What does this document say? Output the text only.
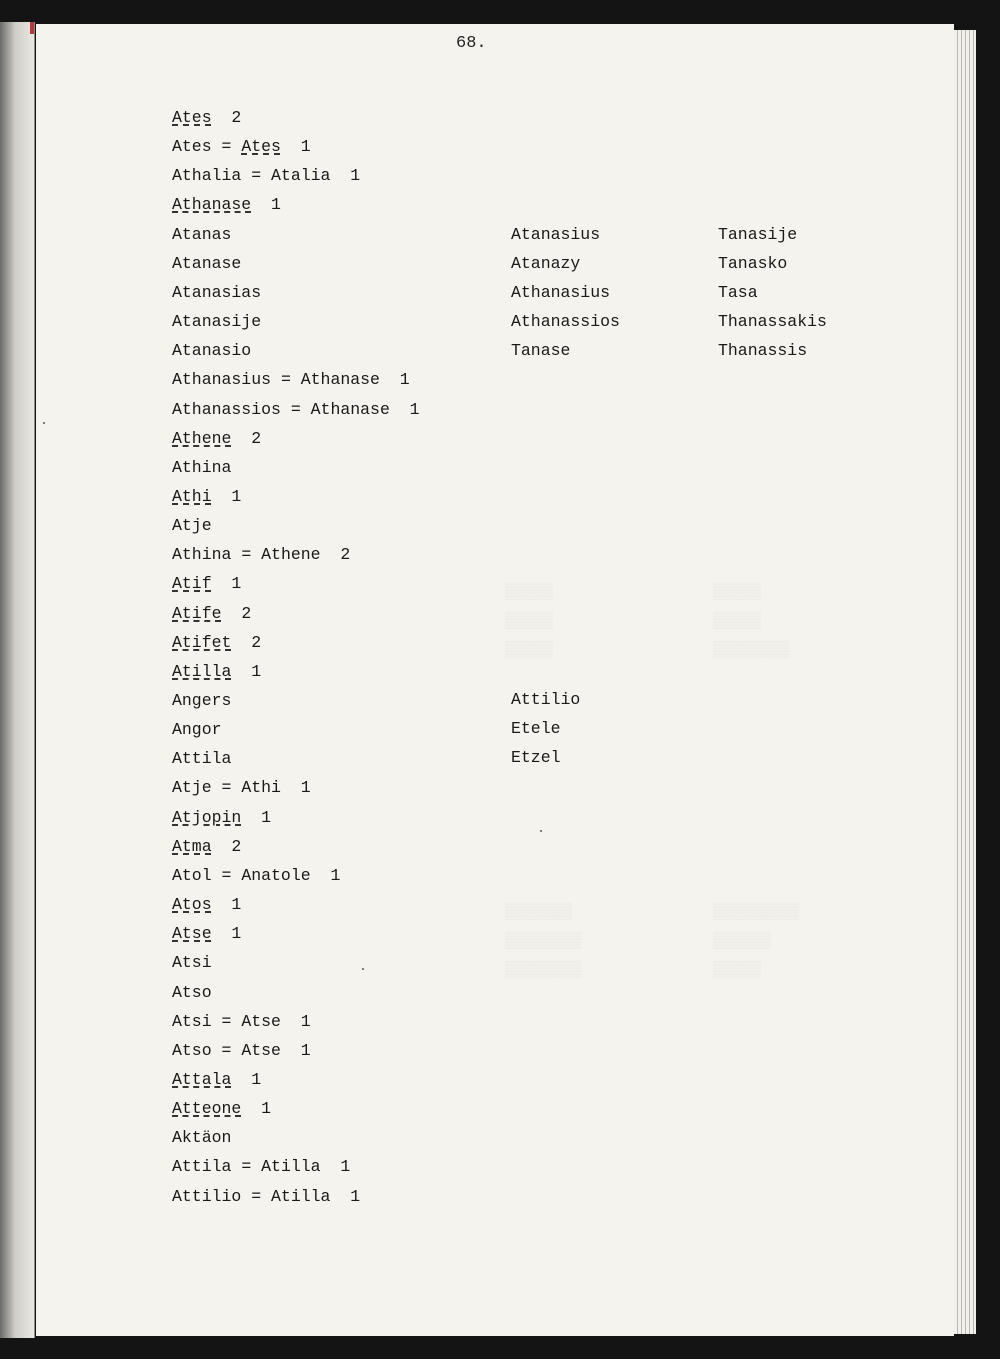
▒▒▒▒▒
▒▒▒▒▒
▒▒▒▒▒
▒▒▒▒▒
▒▒▒▒▒
▒▒▒▒▒▒▒▒
▒▒▒▒▒▒▒
▒▒▒▒▒▒▒▒
▒▒▒▒▒▒▒▒
▒▒▒▒▒▒▒▒▒
▒▒▒▒▒▒
▒▒▒▒▒
68.
Ates 2
Ates = Ates 1
Athalia = Atalia 1
Athanase 1
Atanas
Atanase
Atanasias
Atanasije
Atanasio
Athanasius = Athanase 1
Athanassios = Athanase 1
Athene 2
Athina
Athi 1
Atje
Athina = Athene 2
Atif 1
Atife 2
Atifet 2
Atilla 1
Angers
Angor
Attila
Atje = Athi 1
Atjopin 1
Atma 2
Atol = Anatole 1
Atos 1
Atse 1
Atsi
Atso
Atsi = Atse 1
Atso = Atse 1
Attala 1
Atteone 1
Aktäon
Attila = Atilla 1
Attilio = Atilla 1
Atanasius
Atanazy
Athanasius
Athanassios
Tanase
Tanasije
Tanasko
Tasa
Thanassakis
Thanassis
Attilio
Etele
Etzel
